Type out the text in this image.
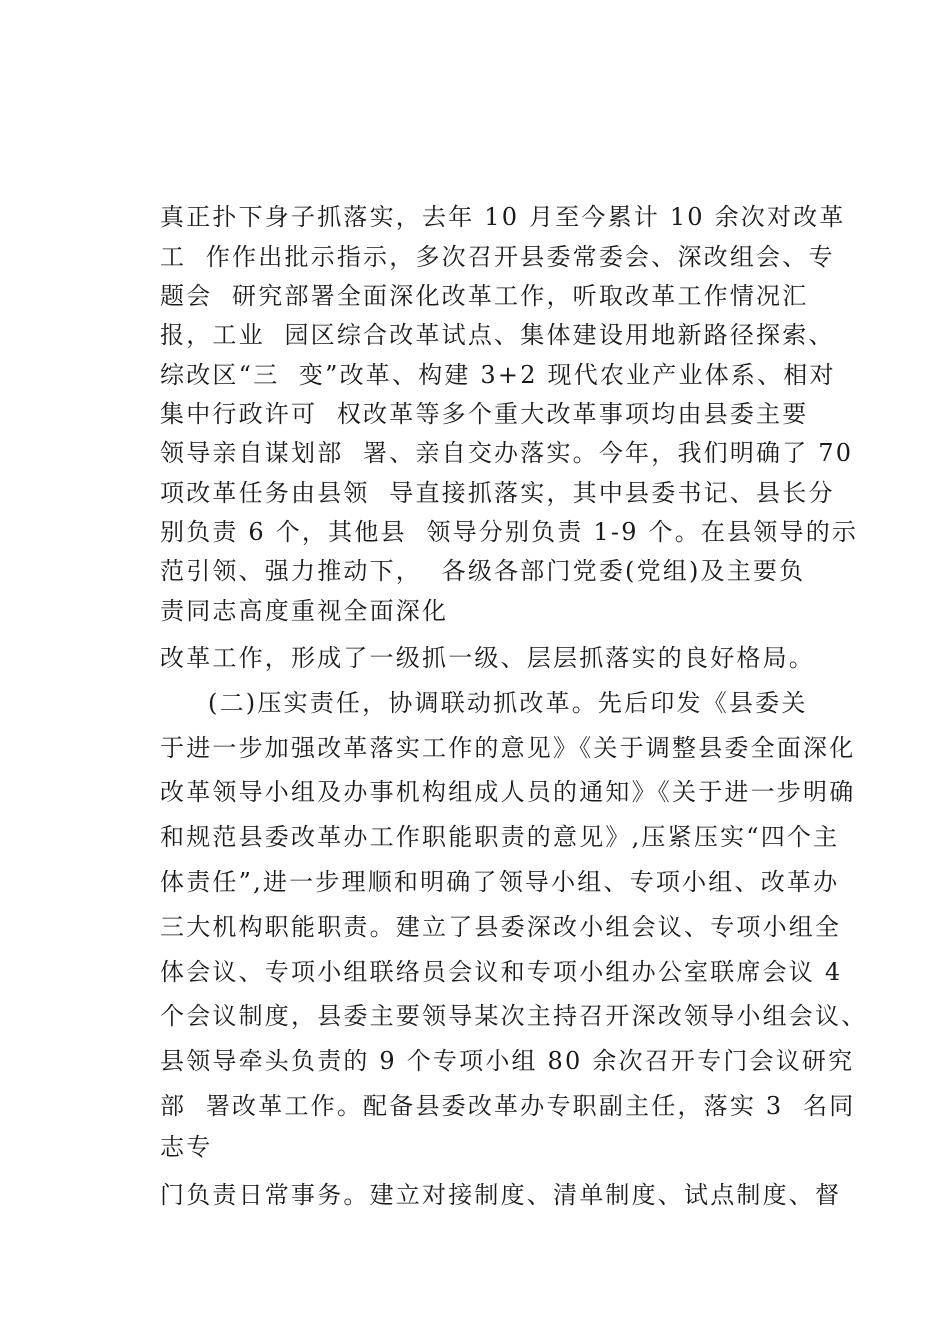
真正扑下身子抓落实，去年 10 月至今累计 10 余次对改革
工  作作出批示指示，多次召开县委常委会、深改组会、专
题会  研究部署全面深化改革工作，听取改革工作情况汇
报，工业  园区综合改革试点、集体建设用地新路径探索、
综改区“三  变”改革、构建 3+2 现代农业产业体系、相对
集中行政许可  权改革等多个重大改革事项均由县委主要
领导亲自谋划部  署、亲自交办落实。今年，我们明确了 70
项改革任务由县领  导直接抓落实，其中县委书记、县长分
别负责 6 个，其他县  领导分别负责 1-9 个。在县领导的示
范引领、强力推动下，  各级各部门党委(党组)及主要负
责同志高度重视全面深化
改革工作，形成了一级抓一级、层层抓落实的良好格局。
(二)压实责任，协调联动抓改革。先后印发《县委关
于进一步加强改革落实工作的意见》《关于调整县委全面深化
改革领导小组及办事机构组成人员的通知》《关于进一步明确
和规范县委改革办工作职能职责的意见》,压紧压实“四个主
体责任”,进一步理顺和明确了领导小组、专项小组、改革办
三大机构职能职责。建立了县委深改小组会议、专项小组全
体会议、专项小组联络员会议和专项小组办公室联席会议 4
个会议制度，县委主要领导某次主持召开深改领导小组会议、
县领导牵头负责的 9 个专项小组 80 余次召开专门会议研究
部  署改革工作。配备县委改革办专职副主任，落实 3  名同
志专
门负责日常事务。建立对接制度、清单制度、试点制度、督
